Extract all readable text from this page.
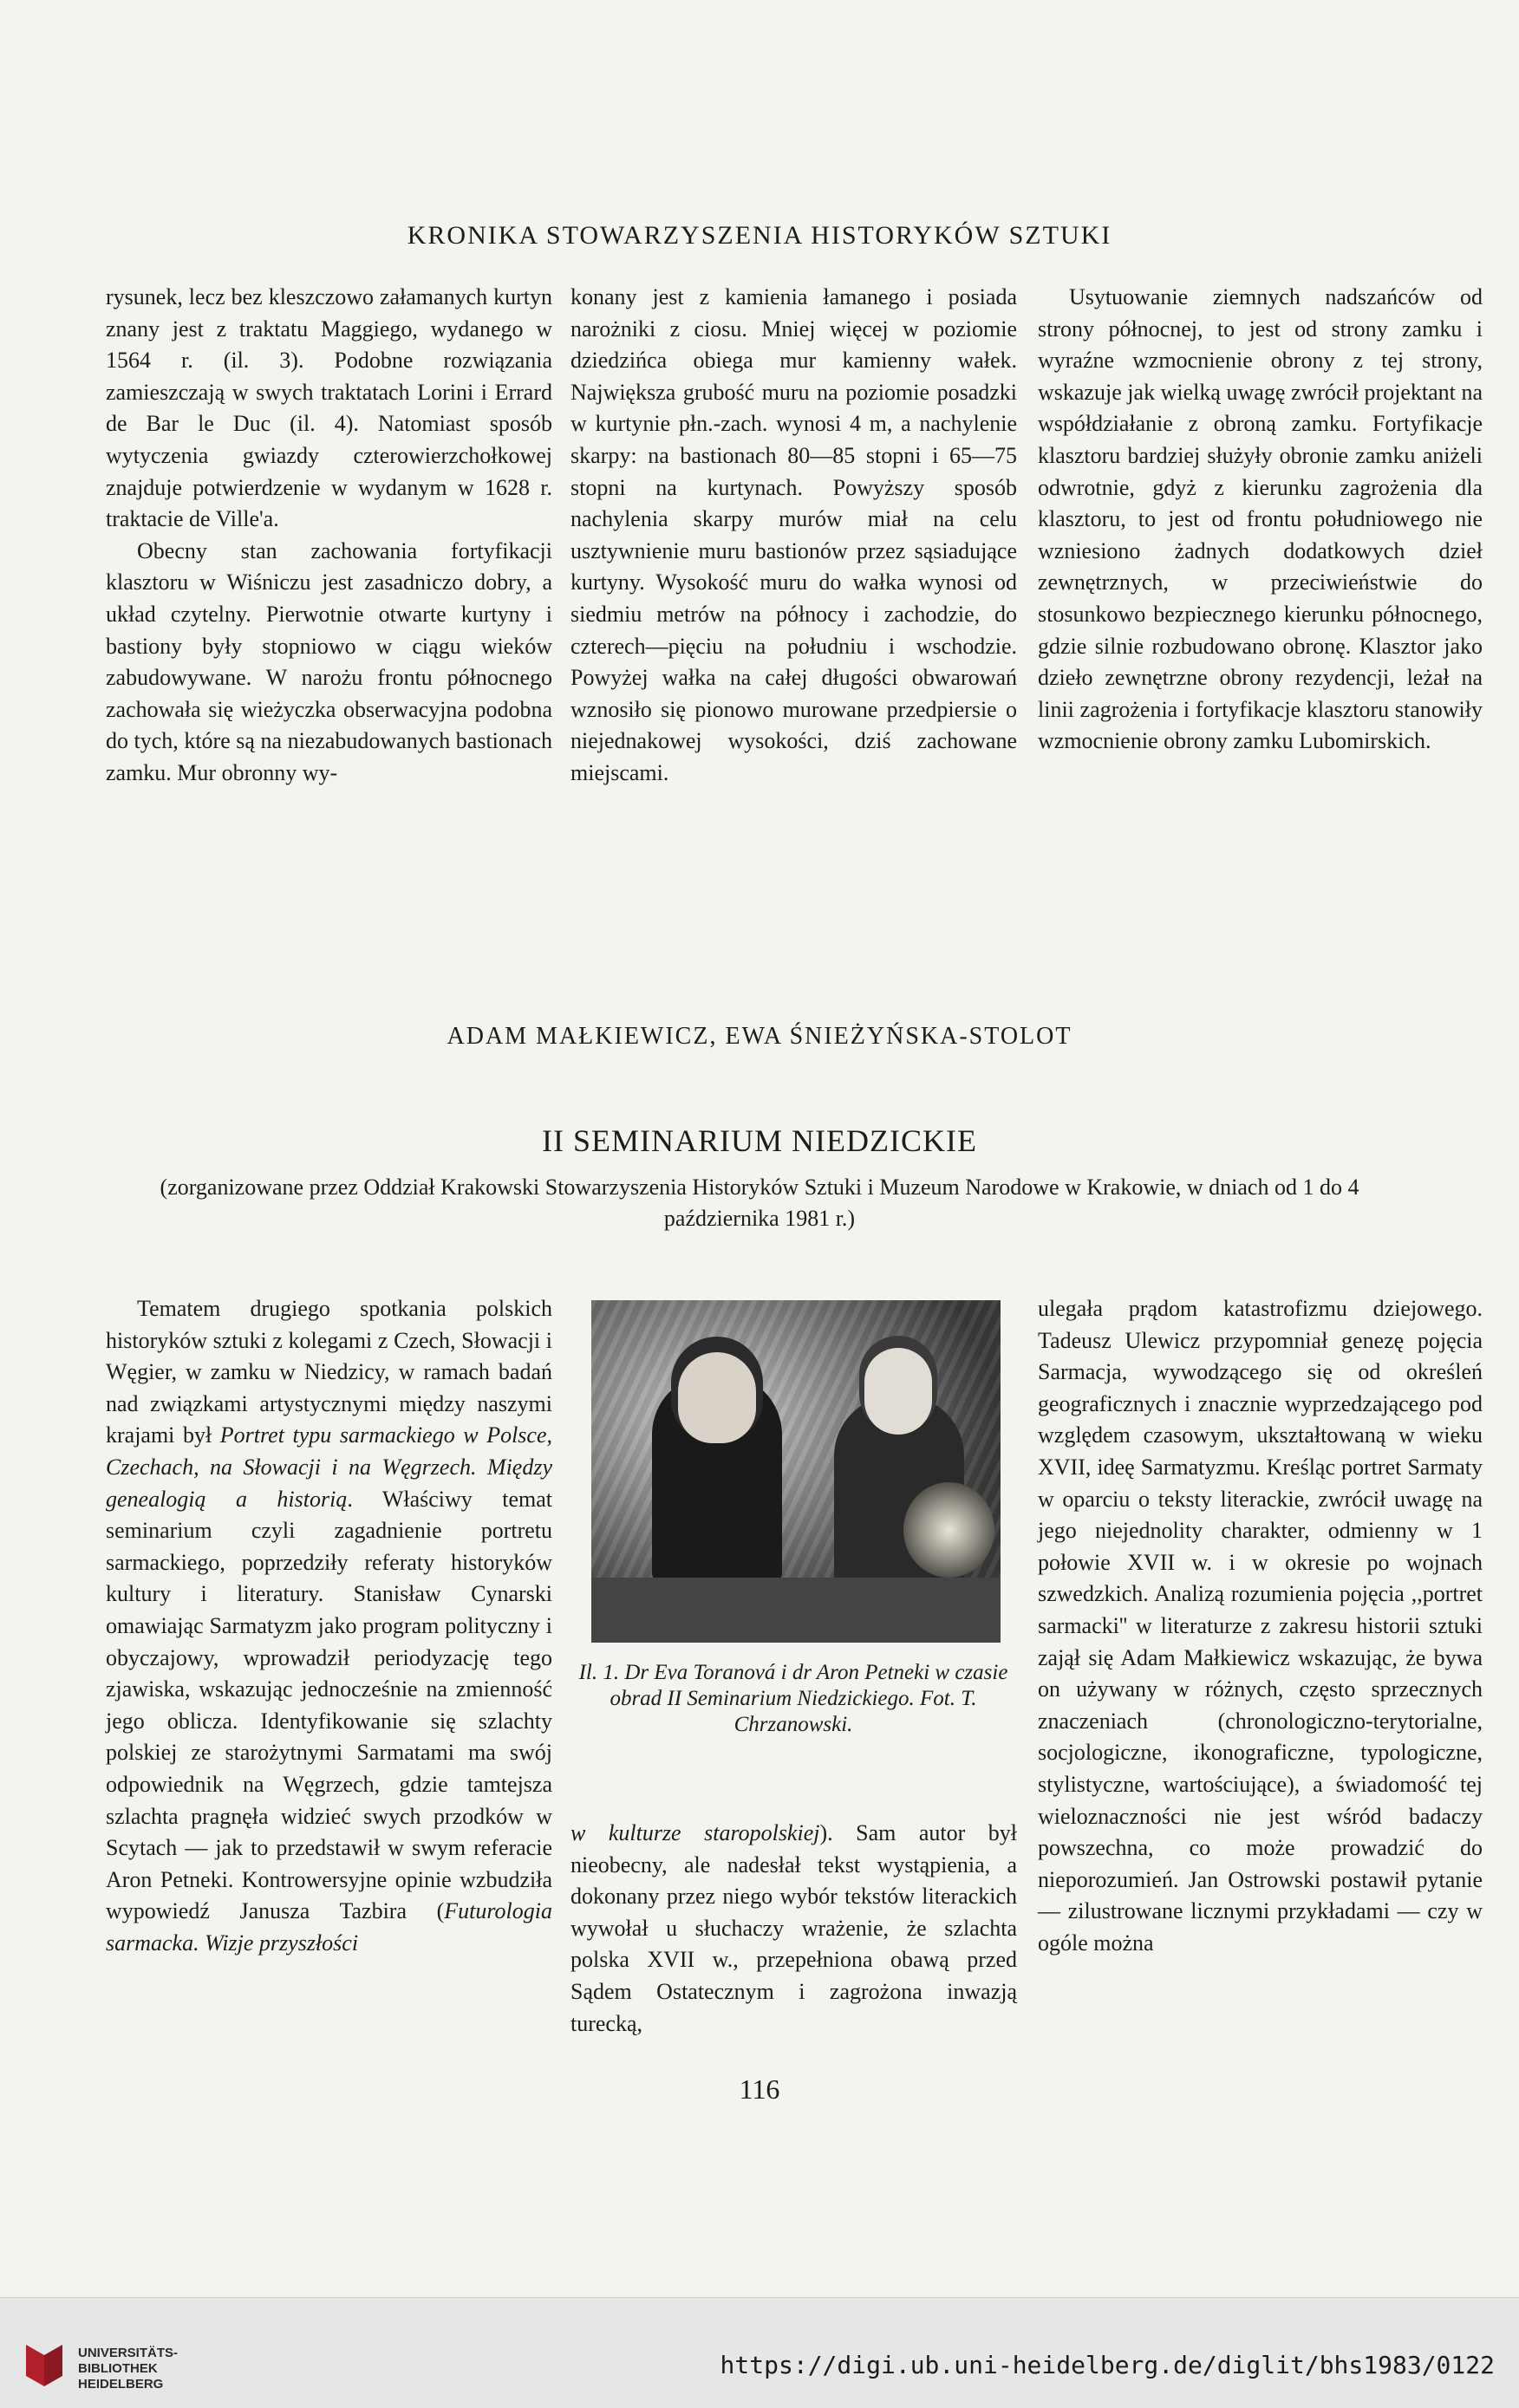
KRONIKA STOWARZYSZENIA HISTORYKÓW SZTUKI

rysunek, lecz bez kleszczowo załamanych kurtyn znany jest z traktatu Maggiego, wydanego w 1564 r. (il. 3). Podobne rozwiązania zamieszczają w swych traktatach Lorini i Errard de Bar le Duc (il. 4). Natomiast sposób wytyczenia gwiazdy czterowierzchołkowej znajduje potwierdzenie w wydanym w 1628 r. traktacie de Ville'a.

Obecny stan zachowania fortyfikacji klasztoru w Wiśniczu jest zasadniczo dobry, a układ czytelny. Pierwotnie otwarte kurtyny i bastiony były stopniowo w ciągu wieków zabudowywane. W narożu frontu północnego zachowała się wieżyczka obserwacyjna podobna do tych, które są na niezabudowanych bastionach zamku. Mur obronny wy-

konany jest z kamienia łamanego i posiada narożniki z ciosu. Mniej więcej w poziomie dziedzińca obiega mur kamienny wałek. Największa grubość muru na poziomie posadzki w kurtynie płn.-zach. wynosi 4 m, a nachylenie skarpy: na bastionach 80—85 stopni i 65—75 stopni na kurtynach. Powyższy sposób nachylenia skarpy murów miał na celu usztywnienie muru bastionów przez sąsiadujące kurtyny. Wysokość muru do wałka wynosi od siedmiu metrów na północy i zachodzie, do czterech—pięciu na południu i wschodzie. Powyżej wałka na całej długości obwarowań wznosiło się pionowo murowane przedpiersie o niejednakowej wysokości, dziś zachowane miejscami.

Usytuowanie ziemnych nadszańców od strony północnej, to jest od strony zamku i wyraźne wzmocnienie obrony z tej strony, wskazuje jak wielką uwagę zwrócił projektant na współdziałanie z obroną zamku. Fortyfikacje klasztoru bardziej służyły obronie zamku aniżeli odwrotnie, gdyż z kierunku zagrożenia dla klasztoru, to jest od frontu południowego nie wzniesiono żadnych dodatkowych dzieł zewnętrznych, w przeciwieństwie do stosunkowo bezpiecznego kierunku północnego, gdzie silnie rozbudowano obronę. Klasztor jako dzieło zewnętrzne obrony rezydencji, leżał na linii zagrożenia i fortyfikacje klasztoru stanowiły wzmocnienie obrony zamku Lubomirskich.

ADAM MAŁKIEWICZ, EWA ŚNIEŻYŃSKA-STOLOT
II SEMINARIUM NIEDZICKIE
(zorganizowane przez Oddział Krakowski Stowarzyszenia Historyków Sztuki i Muzeum Narodowe w Krakowie, w dniach od 1 do 4 października 1981 r.)

Tematem drugiego spotkania polskich historyków sztuki z kolegami z Czech, Słowacji i Węgier, w zamku w Niedzicy, w ramach badań nad związkami artystycznymi między naszymi krajami był Portret typu sarmackiego w Polsce, Czechach, na Słowacji i na Węgrzech. Między genealogią a historią. Właściwy temat seminarium czyli zagadnienie portretu sarmackiego, poprzedziły referaty historyków kultury i literatury. Stanisław Cynarski omawiając Sarmatyzm jako program polityczny i obyczajowy, wprowadził periodyzację tego zjawiska, wskazując jednocześnie na zmienność jego oblicza. Identyfikowanie się szlachty polskiej ze starożytnymi Sarmatami ma swój odpowiednik na Węgrzech, gdzie tamtejsza szlachta pragnęła widzieć swych przodków w Scytach — jak to przedstawił w swym referacie Aron Petneki. Kontrowersyjne opinie wzbudziła wypowiedź Janusza Tazbira (Futurologia sarmacka. Wizje przyszłości

Il. 1. Dr Eva Toranová i dr Aron Petneki w czasie obrad II Seminarium Niedzickiego. Fot. T. Chrzanowski.

w kulturze staropolskiej). Sam autor był nieobecny, ale nadesłał tekst wystąpienia, a dokonany przez niego wybór tekstów literackich wywołał u słuchaczy wrażenie, że szlachta polska XVII w., przepełniona obawą przed Sądem Ostatecznym i zagrożona inwazją turecką,

ulegała prądom katastrofizmu dziejowego. Tadeusz Ulewicz przypomniał genezę pojęcia Sarmacja, wywodzącego się od określeń geograficznych i znacznie wyprzedzającego pod względem czasowym, ukształtowaną w wieku XVII, ideę Sarmatyzmu. Kreśląc portret Sarmaty w oparciu o teksty literackie, zwrócił uwagę na jego niejednolity charakter, odmienny w 1 połowie XVII w. i w okresie po wojnach szwedzkich. Analizą rozumienia pojęcia ,,portret sarmacki'' w literaturze z zakresu historii sztuki zajął się Adam Małkiewicz wskazując, że bywa on używany w różnych, często sprzecznych znaczeniach (chronologiczno-terytorialne, socjologiczne, ikonograficzne, typologiczne, stylistyczne, wartościujące), a świadomość tej wieloznaczności nie jest wśród badaczy powszechna, co może prowadzić do nieporozumień. Jan Ostrowski postawił pytanie — zilustrowane licznymi przykładami — czy w ogóle można

116
UNIVERSITÄTS-
BIBLIOTHEK
HEIDELBERG
https://digi.ub.uni-heidelberg.de/diglit/bhs1983/0122
